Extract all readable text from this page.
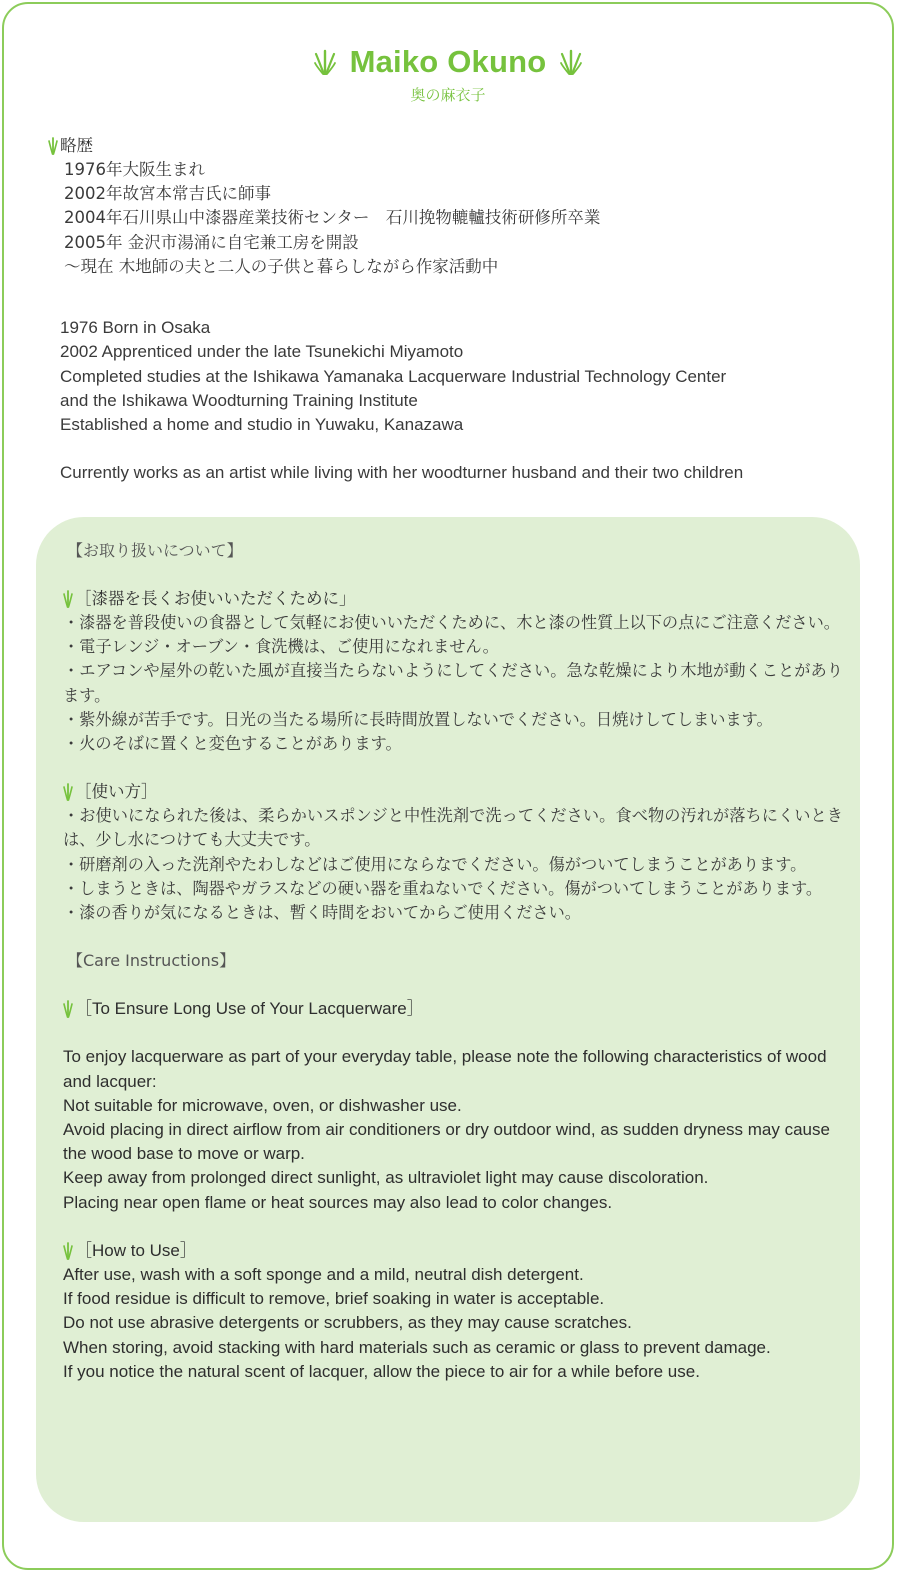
Maiko Okuno
奥の麻衣子
略歴
1976年大阪生まれ
2002年故宮本常吉氏に師事
2004年石川県山中漆器産業技術センター　石川挽物轆轤技術研修所卒業
2005年 金沢市湯涌に自宅兼工房を開設
～現在 木地師の夫と二人の子供と暮らしながら作家活動中
1976 Born in Osaka
2002 Apprenticed under the late Tsunekichi Miyamoto
Completed studies at the Ishikawa Yamanaka Lacquerware Industrial Technology Center
and the Ishikawa Woodturning Training Institute
Established a home and studio in Yuwaku, Kanazawa
Currently works as an artist while living with her woodturner husband and their two children
【お取り扱いについて】
［漆器を長くお使いいただくために」
・漆器を普段使いの食器として気軽にお使いいただくために、木と漆の性質上以下の点にご注意ください。
・電子レンジ・オーブン・食洗機は、ご使用になれません。
・エアコンや屋外の乾いた風が直接当たらないようにしてください。急な乾燥により木地が動くことがあります。
・紫外線が苦手です。日光の当たる場所に長時間放置しないでください。日焼けしてしまいます。
・火のそばに置くと変色することがあります。
［使い方］
・お使いになられた後は、柔らかいスポンジと中性洗剤で洗ってください。食べ物の汚れが落ちにくいときは、少し水につけても大丈夫です。
・研磨剤の入った洗剤やたわしなどはご使用にならなでください。傷がついてしまうことがあります。
・しまうときは、陶器やガラスなどの硬い器を重ねないでください。傷がついてしまうことがあります。
・漆の香りが気になるときは、暫く時間をおいてからご使用ください。
【Care Instructions】
［To Ensure Long Use of Your Lacquerware］
To enjoy lacquerware as part of your everyday table, please note the following characteristics of wood and lacquer:
Not suitable for microwave, oven, or dishwasher use.
Avoid placing in direct airflow from air conditioners or dry outdoor wind, as sudden dryness may cause the wood base to move or warp.
Keep away from prolonged direct sunlight, as ultraviolet light may cause discoloration.
Placing near open flame or heat sources may also lead to color changes.
［How to Use］
After use, wash with a soft sponge and a mild, neutral dish detergent.
If food residue is difficult to remove, brief soaking in water is acceptable.
Do not use abrasive detergents or scrubbers, as they may cause scratches.
When storing, avoid stacking with hard materials such as ceramic or glass to prevent damage.
If you notice the natural scent of lacquer, allow the piece to air for a while before use.
